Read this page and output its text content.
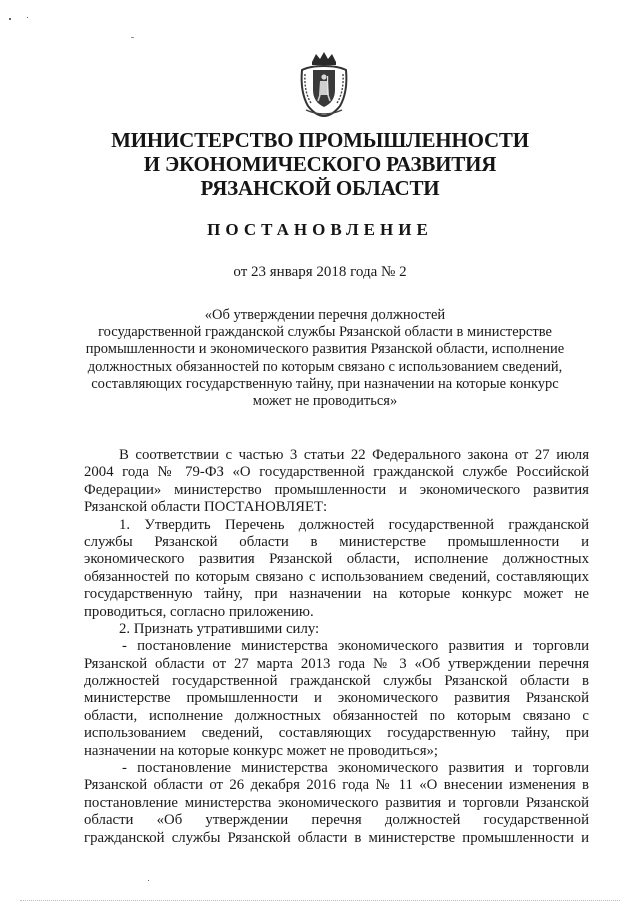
МИНИСТЕРСТВО ПРОМЫШЛЕННОСТИ
И ЭКОНОМИЧЕСКОГО РАЗВИТИЯ
РЯЗАНСКОЙ ОБЛАСТИ
ПОСТАНОВЛЕНИЕ
от 23 января 2018 года № 2
«Об утверждении перечня должностей
государственной гражданской службы Рязанской области в министерстве
промышленности и экономического развития Рязанской области, исполнение
должностных обязанностей по которым связано с использованием сведений,
составляющих государственную тайну, при назначении на которые конкурс
может не проводиться»
В соответствии с частью 3 статьи 22 Федерального закона от 27 июля
2004 года № 79-ФЗ «О государственной гражданской службе Российской
Федерации» министерство промышленности и экономического развития
Рязанской области ПОСТАНОВЛЯЕТ:
1. Утвердить Перечень должностей государственной гражданской
службы Рязанской области в министерстве промышленности и
экономического развития Рязанской области, исполнение должностных
обязанностей по которым связано с использованием сведений, составляющих
государственную тайну, при назначении на которые конкурс может не
проводиться, согласно приложению.
2. Признать утратившими силу:
- постановление министерства экономического развития и торговли
Рязанской области от 27 марта 2013 года № 3 «Об утверждении перечня
должностей государственной гражданской службы Рязанской области в
министерстве промышленности и экономического развития Рязанской
области, исполнение должностных обязанностей по которым связано с
использованием сведений, составляющих государственную тайну, при
назначении на которые конкурс может не проводиться»;
- постановление министерства экономического развития и торговли
Рязанской области от 26 декабря 2016 года № 11 «О внесении изменения в
постановление министерства экономического развития и торговли Рязанской
области «Об утверждении перечня должностей государственной
гражданской службы Рязанской области в министерстве промышленности и
